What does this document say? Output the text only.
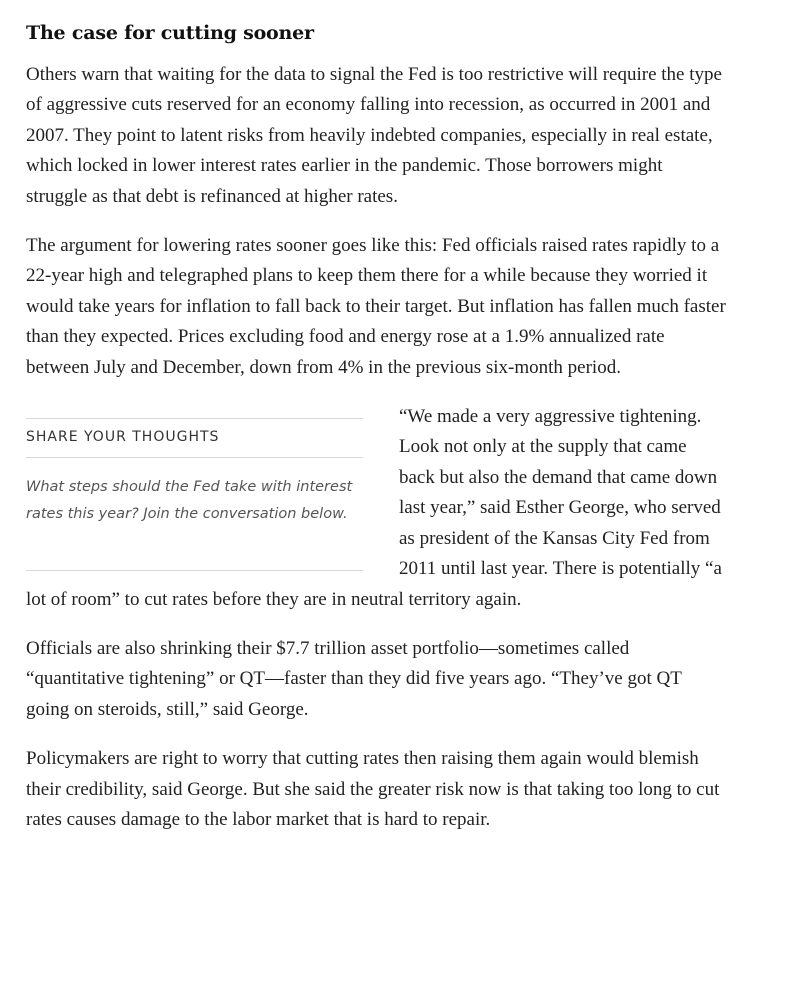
The case for cutting sooner

Others warn that waiting for the data to signal the Fed is too restrictive will require the type of aggressive cuts reserved for an economy falling into recession, as occurred in 2001 and 2007. They point to latent risks from heavily indebted companies, especially in real estate, which locked in lower interest rates earlier in the pandemic. Those borrowers might struggle as that debt is refinanced at higher rates.

The argument for lowering rates sooner goes like this: Fed officials raised rates rapidly to a 22-year high and telegraphed plans to keep them there for a while because they worried it would take years for inflation to fall back to their target. But inflation has fallen much faster than they expected. Prices excluding food and energy rose at a 1.9% annualized rate between July and December, down from 4% in the previous six-month period.

SHARE YOUR THOUGHTS

What steps should the Fed take with interest rates this year? Join the conversation below.

“We made a very aggressive tightening. Look not only at the supply that came back but also the demand that came down last year,” said Esther George, who served as president of the Kansas City Fed from 2011 until last year. There is potentially “a lot of room” to cut rates before they are in neutral territory again.

Officials are also shrinking their $7.7 trillion asset portfolio—sometimes called “quantitative tightening” or QT—faster than they did five years ago. “They’ve got QT going on steroids, still,” said George.

Policymakers are right to worry that cutting rates then raising them again would blemish their credibility, said George. But she said the greater risk now is that taking too long to cut rates causes damage to the labor market that is hard to repair.
